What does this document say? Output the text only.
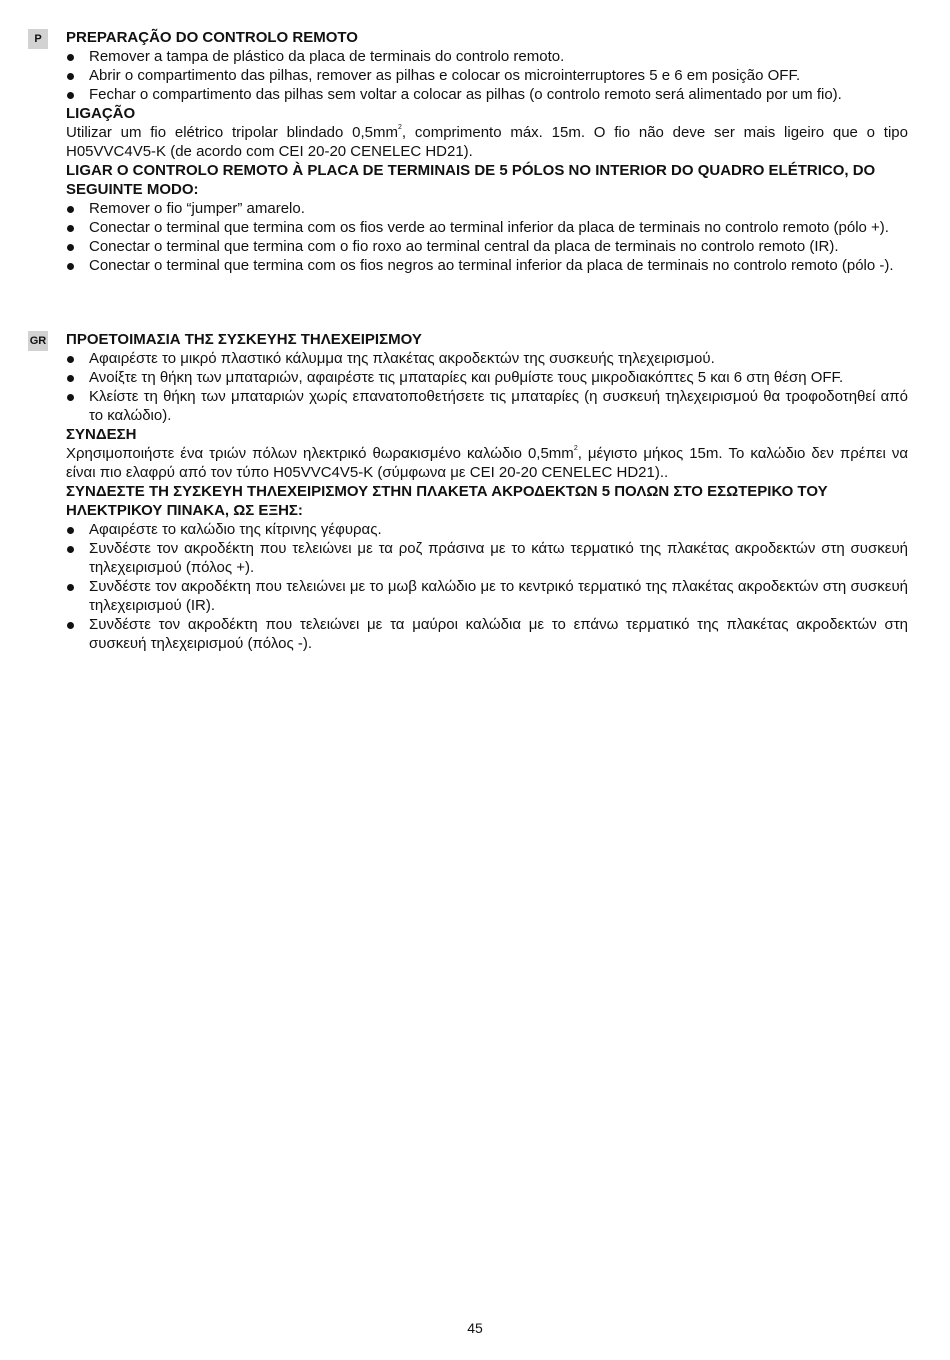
P
GR

PREPARAÇÃO DO CONTROLO REMOTO

Remover a tampa de plástico da placa de terminais do controlo remoto.
Abrir o compartimento das pilhas, remover as pilhas e colocar os microinterruptores 5 e 6 em posição OFF.
Fechar o compartimento das pilhas sem voltar a colocar as pilhas (o controlo remoto será alimentado por um fio).

LIGAÇÃO

Utilizar um fio elétrico tripolar blindado $0,5mm^2$, comprimento máx. 15m. O fio não deve ser mais ligeiro que o tipo H05VVC4V5-K (de acordo com CEI 20-20 CENELEC HD21).

LIGAR O CONTROLO REMOTO À PLACA DE TERMINAIS DE 5 PÓLOS NO INTERIOR DO QUADRO ELÉTRICO, DO SEGUINTE MODO:

Remover o fio “jumper” amarelo.
Conectar o terminal que termina com os fios verde ao terminal inferior da placa de terminais no controlo remoto (pólo +).
Conectar o terminal que termina com o fio roxo ao terminal central da placa de terminais no controlo remoto (IR).
Conectar o terminal que termina com os fios negros ao terminal inferior da placa de terminais no controlo remoto (pólo -).

ΠΡΟΕΤΟΙΜΑΣΙΑ ΤΗΣ ΣΥΣΚΕΥΗΣ ΤΗΛΕΧΕΙΡΙΣΜΟΥ

Αφαιρέστε το μικρό πλαστικό κάλυμμα της πλακέτας ακροδεκτών της συσκευής τηλεχειρισμού.
Ανοίξτε τη θήκη των μπαταριών, αφαιρέστε τις μπαταρίες και ρυθμίστε τους μικροδιακόπτες 5 και 6 στη θέση OFF.
Κλείστε τη θήκη των μπαταριών χωρίς επανατοποθετήσετε τις μπαταρίες (η συσκευή τηλεχειρισμού θα τροφοδοτηθεί από το καλώδιο).

ΣΥΝΔΕΣΗ

Χρησιμοποιήστε ένα τριών πόλων ηλεκτρικό θωρακισμένο καλώδιο $0,5mm^2$, μέγιστο μήκος 15m. Το καλώδιο δεν πρέπει να είναι πιο ελαφρύ από τον τύπο H05VVC4V5-K (σύμφωνα με CEI 20-20 CENELEC HD21)..

ΣΥΝΔΕΣΤΕ ΤΗ ΣΥΣΚΕΥΗ ΤΗΛΕΧΕΙΡΙΣΜΟΥ ΣΤΗΝ ΠΛΑΚΕΤΑ ΑΚΡΟΔΕΚΤΩΝ 5 ΠΟΛΩΝ ΣΤΟ ΕΣΩΤΕΡΙΚΟ ΤΟΥ ΗΛΕΚΤΡΙΚΟΥ ΠΙΝΑΚΑ, ΩΣ ΕΞΗΣ:

Αφαιρέστε το καλώδιο της κίτρινης γέφυρας.
Συνδέστε τον ακροδέκτη που τελειώνει με τα ροζ πράσινα με το κάτω τερματικό της πλακέτας ακροδεκτών στη συσκευή τηλεχειρισμού (πόλος +).
Συνδέστε τον ακροδέκτη που τελειώνει με το μωβ καλώδιο με το κεντρικό τερματικό της πλακέτας ακροδεκτών στη συσκευή τηλεχειρισμού (IR).
Συνδέστε τον ακροδέκτη που τελειώνει με τα μαύροι καλώδια με το επάνω τερματικό της πλακέτας ακροδεκτών στη συσκευή τηλεχειρισμού (πόλος -).
45
